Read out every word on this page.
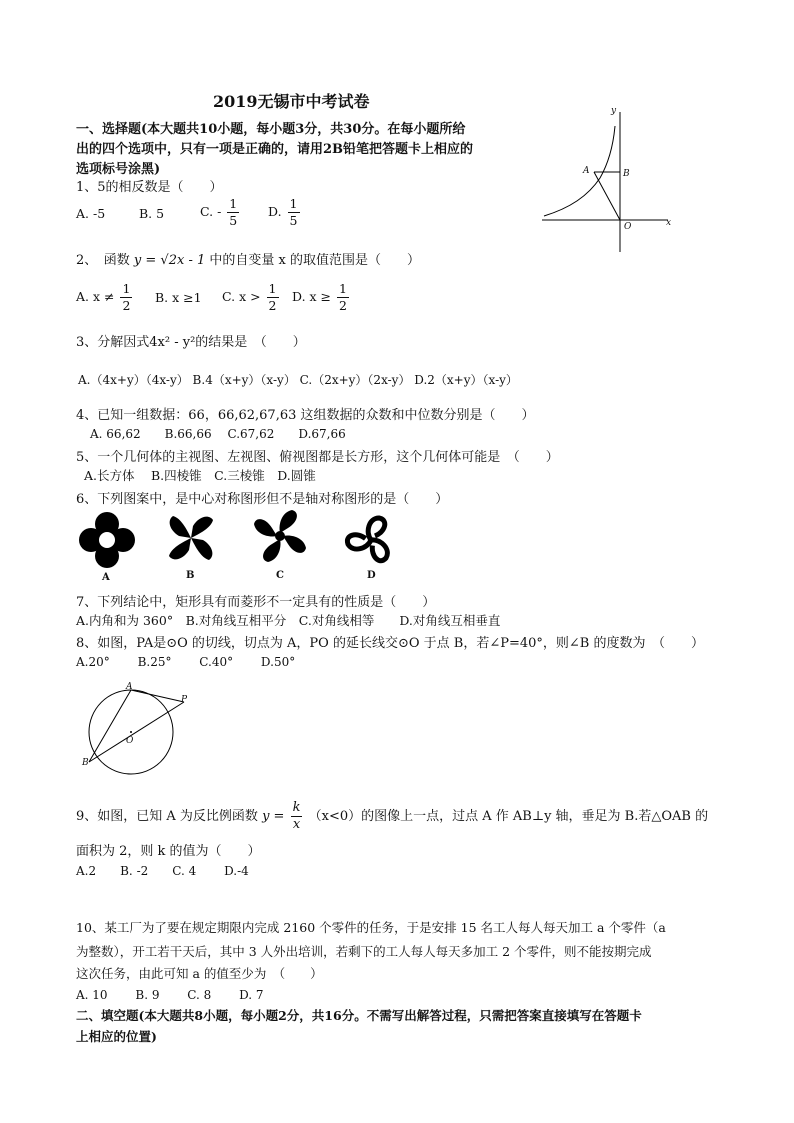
2019无锡市中考试卷
一、选择题(本大题共10小题，每小题3分，共30分。在每小题所给
出的四个选项中，只有一项是正确的，请用2B铅笔把答题卡上相应的
选项标号涂黑)
1、5的相反数是（　　）
A. -5	B. 5	C. - $\frac{1}{5} D$. $\frac{1}{5}$
2、　函数 y = √2x - 1 中的自变量 x 的取值范围是（　　）
A. $x \ne \frac{1}{2} B$. x ≥1 C. $x > \frac{1}{2} D$. $x \ge \frac{1}{2}$
3、分解因式4x² - y²的结果是　（　　）
A.（4x+y）（4x-y） B.4（x+y）（x-y） C.（2x+y）（2x-y） D.2（x+y）（x-y）
4、已知一组数据：66，66,62,67,63 这组数据的众数和中位数分别是（　　）
A. 66,62　　B.66,66　 C.67,62　　D.67,66
5、一个几何体的主视图、左视图、俯视图都是长方形，这个几何体可能是　（　　）
A.长方体　 B.四棱锥　C.三棱锥　D.圆锥
6、下列图案中，是中心对称图形但不是轴对称图形的是（　　）
A	B	C	D
7、下列结论中，矩形具有而菱形不一定具有的性质是（　　）
A.内角和为 360°　B.对角线互相平分　C.对角线相等　　D.对角线互相垂直
8、如图，PA是⊙O 的切线，切点为 A，PO 的延长线交⊙O 于点 B，若∠P=40°，则∠B 的度数为　（　　）
A.20°　　 B.25°　　 C.40°　　 D.50°
A
P
O
B
9、如图，已知 A 为反比例函数 $y = \frac{k}{x} (x<0)$的图像上一点，过点 A 作 AB⊥y 轴，垂足为 B.若△OAB 的
面积为 2，则 k 的值为（　　）
A.2　　B. -2　　C. 4　　 D.-4
y
A	B
O	x
10、某工厂为了要在规定期限内完成 2160 个零件的任务，于是安排 15 名工人每人每天加工 a 个零件（a
为整数），开工若干天后，其中 3 人外出培训，若剩下的工人每人每天多加工 2 个零件，则不能按期完成
这次任务，由此可知 a 的值至少为　（　　）
A. 10　　 B. 9　　 C. 8　　 D. 7
二、填空题(本大题共8小题，每小题2分，共16分。不需写出解答过程，只需把答案直接填写在答题卡
上相应的位置)
